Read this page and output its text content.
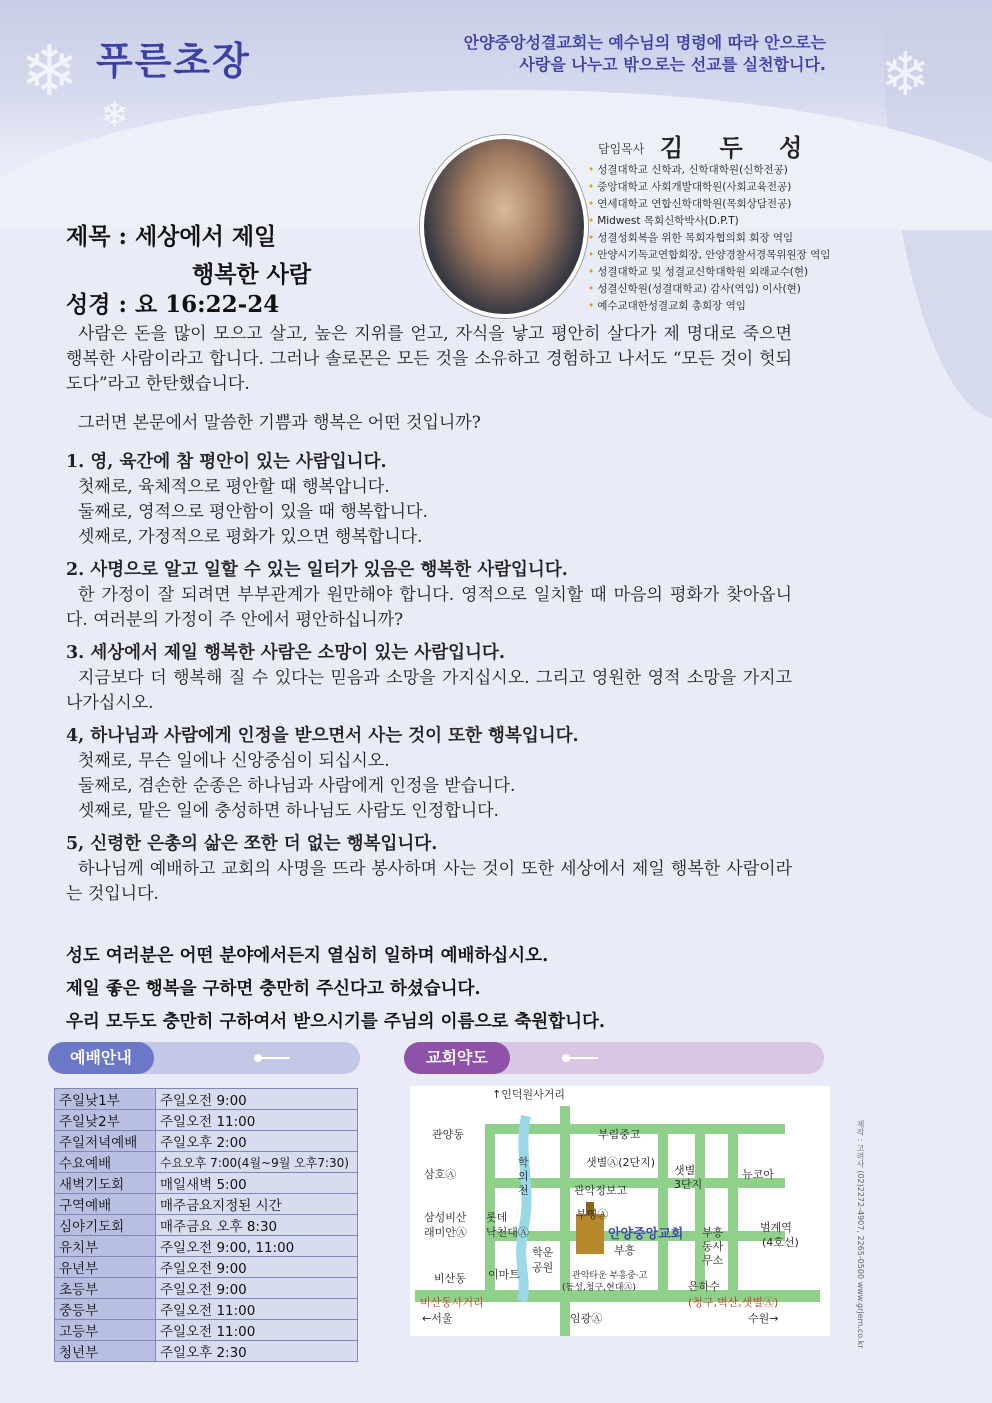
❄
❄
❄
푸른초장	안양중앙성결교회는 예수님의 명령에 따라 안으로는
사랑을 나누고 밖으로는 선교를 실천합니다.
담임목사 김 두 성
• 성결대학교 신학과, 신학대학원(신학전공)
• 중앙대학교 사회개발대학원(사회교육전공)
• 연세대학교 연합신학대학원(목회상담전공)
• Midwest 목회신학박사(D.P.T)
• 성결성회복을 위한 목회자협의회 회장 역임
• 안양시기독교연합회장, 안양경찰서경목위원장 역임
• 성결대학교 및 성결교신학대학원 외래교수(현)
• 성결신학원(성결대학교) 감사(역임) 이사(현)
• 예수교대한성결교회 총회장 역임
제목 : 세상에서 제일
행복한 사람
성경 : 요 16:22-24

사람은 돈을 많이 모으고 살고, 높은 지위를 얻고, 자식을 낳고 평안히 살다가 제 명대로 죽으면 행복한 사람이라고 합니다. 그러나 솔로몬은 모든 것을 소유하고 경험하고 나서도 “모든 것이 헛되도다”라고 한탄했습니다.

그러면 본문에서 말씀한 기쁨과 행복은 어떤 것입니까?

1. 영, 육간에 참 평안이 있는 사람입니다.

첫째로, 육체적으로 평안할 때 행복압니다.

둘째로, 영적으로 평안함이 있을 때 행복합니다.

셋째로, 가정적으로 평화가 있으면 행복합니다.

2. 사명으로 알고 일할 수 있는 일터가 있음은 행복한 사람입니다.

한 가정이 잘 되려면 부부관계가 원만해야 합니다. 영적으로 일치할 때 마음의 평화가 찾아옵니다. 여러분의 가정이 주 안에서 평안하십니까?

3. 세상에서 제일 행복한 사람은 소망이 있는 사람입니다.

지금보다 더 행복해 질 수 있다는 믿음과 소망을 가지십시오. 그리고 영원한 영적 소망을 가지고 나가십시오.

4, 하나님과 사람에게 인정을 받으면서 사는 것이 또한 행복입니다.

첫째로, 무슨 일에나 신앙중심이 되십시오.

둘째로, 겸손한 순종은 하나님과 사람에게 인정을 받습니다.

셋째로, 맡은 일에 충성하면 하나님도 사람도 인정합니다.

5, 신령한 은총의 삶은 쪼한 더 없는 행복입니다.

하나님께 예배하고 교회의 사명을 뜨라 봉사하며 사는 것이 또한 세상에서 제일 행복한 사람이라는 것입니다.

성도 여러분은 어떤 분야에서든지 열심히 일하며 예배하십시오.
제일 좋은 행복을 구하면 충만히 주신다고 하셨습니다.
우리 모두도 충만히 구하여서 받으시기를 주님의 이름으로 축원합니다.
예배안내	교회약도
주일낮1부	주일오전 9:00
주일낮2부	주일오전 11:00
주일저녁예배	주일오후 2:00
수요예배	수요오후 7:00(4월~9월 오후7:30)
새벽기도회	매일새벽 5:00
구역예배	매주금요지정된 시간
심야기도회	매주금요 오후 8:30
유치부	주일오전 9:00, 11:00
유년부	주일오전 9:00
초등부	주일오전 9:00
중등부	주일오전 11:00
고등부	주일오전 11:00
청년부	주일오후 2:30
관양동
↑인덕원사거리
부림중고
샛별Ⓐ(2단지)
샛별
3단지
뉴코아
삼호Ⓐ
학
의
천	관악정보고
삼성비산
래미안Ⓐ
롯데
낙천대Ⓐ
부영Ⓐ
안양중앙교회
부흥
부흥
동사
무소
범계역
(4호선)
학운
공원
비산동 이마트	관악타운 부흥중·고
(동성,청구,현대Ⓐ)	은하수
비산동사거리	(청구,벽산,샛별Ⓐ)
←서울	임광Ⓐ	수원→	제작 : 고려사 (02)2272-4907, 2265-0500 www.grjem.co.kr
